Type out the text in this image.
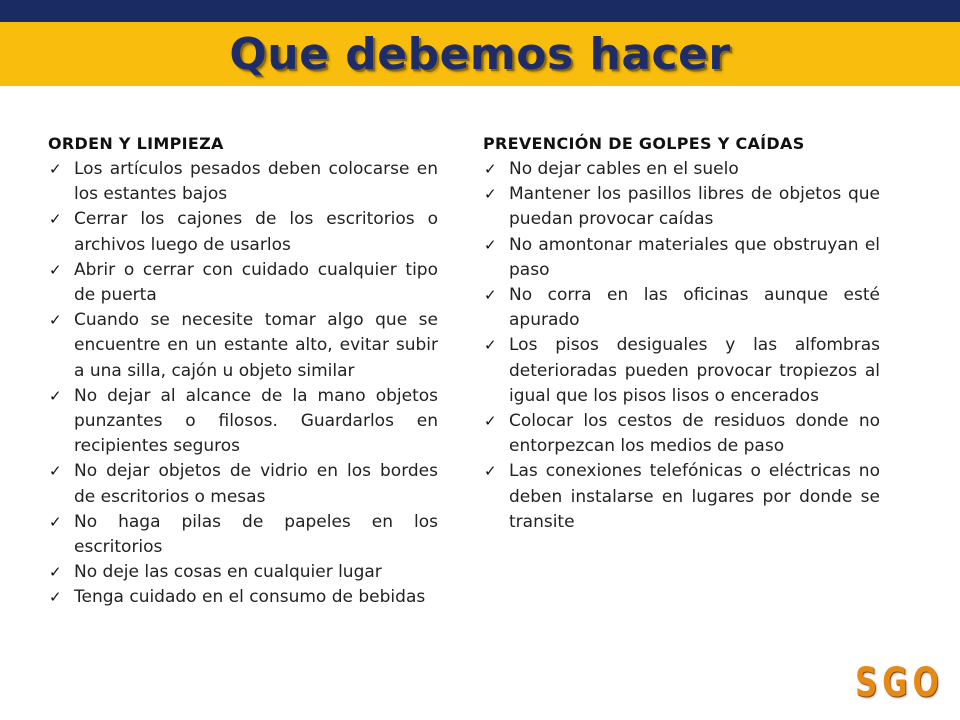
Que debemos hacer
ORDEN Y LIMPIEZA
✓ Los artículos pesados deben colocarse en los estantes bajos
✓ Cerrar los cajones de los escritorios o archivos luego de usarlos
✓ Abrir o cerrar con cuidado cualquier tipo de puerta
✓ Cuando se necesite tomar algo que se encuentre en un estante alto, evitar subir a una silla, cajón u objeto similar
✓ No dejar al alcance de la mano objetos punzantes o filosos. Guardarlos en recipientes seguros
✓ No dejar objetos de vidrio en los bordes de escritorios o mesas
✓ No haga pilas de papeles en los escritorios
✓ No deje las cosas en cualquier lugar
✓ Tenga cuidado en el consumo de bebidas
PREVENCIÓN DE GOLPES Y CAÍDAS
✓ No dejar cables en el suelo
✓ Mantener los pasillos libres de objetos que puedan provocar caídas
✓ No amontonar materiales que obstruyan el paso
✓ No corra en las oficinas aunque esté apurado
✓ Los pisos desiguales y las alfombras deterioradas pueden provocar tropiezos al igual que los pisos lisos o encerados
✓ Colocar los cestos de residuos donde no entorpezcan los medios de paso
✓ Las conexiones telefónicas o eléctricas no deben instalarse en lugares por donde se transite
SGO
